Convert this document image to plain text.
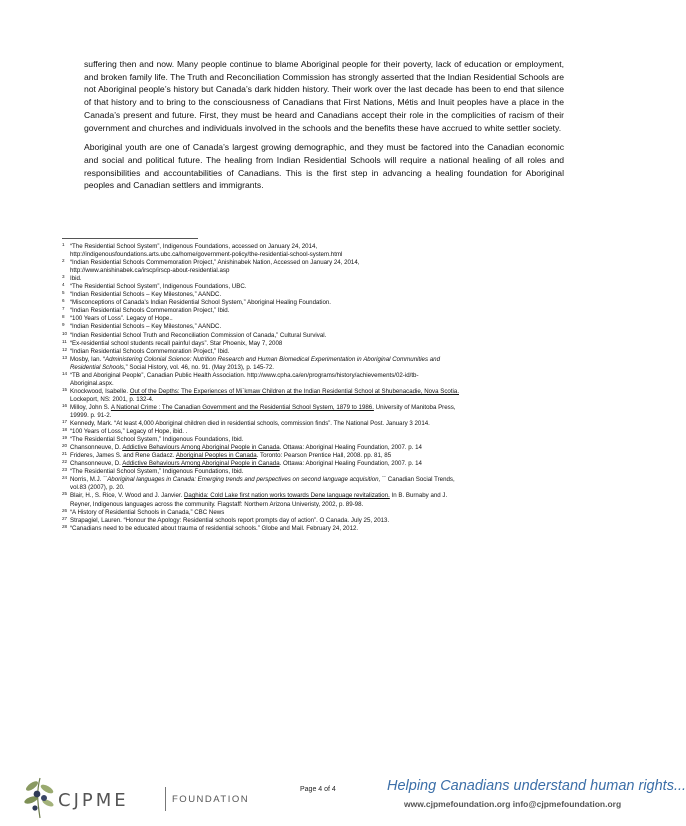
suffering then and now. Many people continue to blame Aboriginal people for their poverty, lack of education or employment, and broken family life. The Truth and Reconciliation Commission has strongly asserted that the Indian Residential Schools are not Aboriginal people’s history but Canada’s dark hidden history. Their work over the last decade has been to end that silence of that history and to bring to the consciousness of Canadians that First Nations, Métis and Inuit peoples have a place in the Canada’s present and future. First, they must be heard and Canadians accept their role in the complicities of racism of their government and churches and individuals involved in the schools and the benefits these have accrued to white settler society.

Aboriginal youth are one of Canada’s largest growing demographic, and they must be factored into the Canadian economic and social and political future. The healing from Indian Residential Schools will require a national healing of all roles and responsibilities and accountabilities of Canadians. This is the first step in advancing a healing foundation for Aboriginal peoples and Canadian settlers and immigrants.

1 “The Residential School System”, Indigenous Foundations, accessed on January 24, 2014,
http://indigenousfoundations.arts.ubc.ca/home/government-policy/the-residential-school-system.html
2 “Indian Residential Schools Commemoration Project,” Anishinabek Nation, Accessed on January 24, 2014,
http://www.anishinabek.ca/irscp/irscp-about-residential.asp
3 Ibid.
4 “The Residential School System”, Indigenous Foundations, UBC.
5 “Indian Residential Schools – Key Milestones,” AANDC.
6 “Misconceptions of Canada’s Indian Residential School System,” Aboriginal Healing Foundation.
7 “Indian Residential Schools Commemoration Project,” Ibid.
8 “100 Years of Loss”. Legacy of Hope..
9 “Indian Residential Schools – Key Milestones,” AANDC.
10 “Indian Residential School Truth and Reconciliation Commission of Canada,” Cultural Survival.
11 “Ex-residential school students recall painful days”. Star Phoenix, May 7, 2008
12 “Indian Residential Schools Commemoration Project,” Ibid.
13 Mosby, Ian. “Administering Colonial Science: Nutrition Research and Human Biomedical Experimentation in Aboriginal Communities and
Residential Schools,” Social History, vol. 46, no. 91. (May 2013), p. 145-72.
14 “TB and Aboriginal People”, Canadian Public Health Association. http://www.cpha.ca/en/programs/history/achievements/02-id/tb-
Aboriginal.aspx.
15 Knockwood, Isabelle. Out of the Depths: The Experiences of Mi`kmaw Children at the Indian Residential School at Shubenacadie, Nova Scotia.
Lockeport, NS: 2001, p. 132-4.
16 Milloy, John S. A National Crime : The Canadian Government and the Residential School System, 1879 to 1986. University of Manitoba Press,
19999. p. 91-2.
17 Kennedy, Mark. “At least 4,000 Aboriginal children died in residential schools, commission finds”. The National Post. January 3 2014.
18 “100 Years of Loss,” Legacy of Hope, ibid. .
19 “The Residential School System,” Indigenous Foundations, Ibid.
20 Chansonneuve, D. Addictive Behaviours Among Aboriginal People in Canada. Ottawa: Aboriginal Healing Foundation, 2007. p. 14
21 Frideres, James S. and Rene Gadacz. Aboriginal Peoples in Canada. Toronto: Pearson Prentice Hall, 2008. pp. 81, 85
22 Chansonneuve, D. Addictive Behaviours Among Aboriginal People in Canada. Ottawa: Aboriginal Healing Foundation, 2007. p. 14
23 “The Residential School System,” Indigenous Foundations, Ibid.
24 Norris, M.J. ``Aboriginal languages in Canada: Emerging trends and perspectives on second language acquisition, `` Canadian Social Trends,
vol.83 (2007), p. 20.
25 Blair, H., S. Rice, V. Wood and J. Janvier. Daghida: Cold Lake first nation works towards Dene language revitalization. In B. Burnaby and J.
Reyner, Indigenous languages across the community. Flagstaff: Northern Arizona Univeristy, 2002, p. 89-98.
26 “A History of Residential Schools in Canada,” CBC News
27 Strapagiel, Lauren. “Honour the Apology: Residential schools report prompts day of action”. O Canada. July 25, 2013.
28 “Canadians need to be educated about trauma of residential schools.” Globe and Mail. February 24, 2012.
CJPME	FOUNDATION
Page 4 of 4	Helping Canadians understand human rights...
www.cjpmefoundation.org info@cjpmefoundation.org
